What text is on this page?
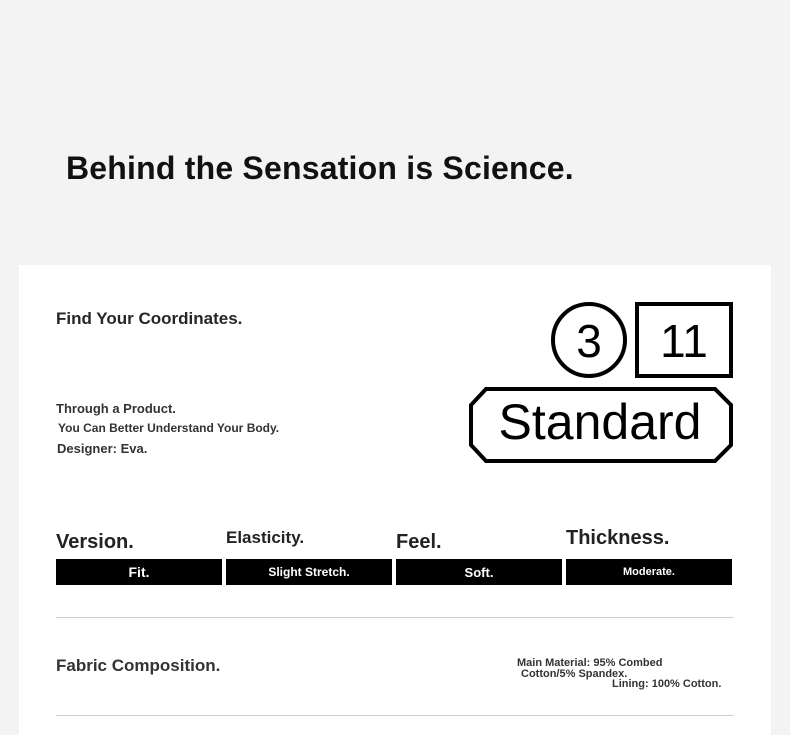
Behind the Sensation is Science.
Find Your Coordinates.
Through a Product.
You Can Better Understand Your Body.
Designer: Eva.
3 11
Standard
Version.
Fit.
Elasticity.
Slight Stretch.
Feel.
Soft.
Thickness.
Moderate.
Fabric Composition.	Main Material: 95% Combed
Cotton/5% Spandex.
Lining: 100% Cotton.
